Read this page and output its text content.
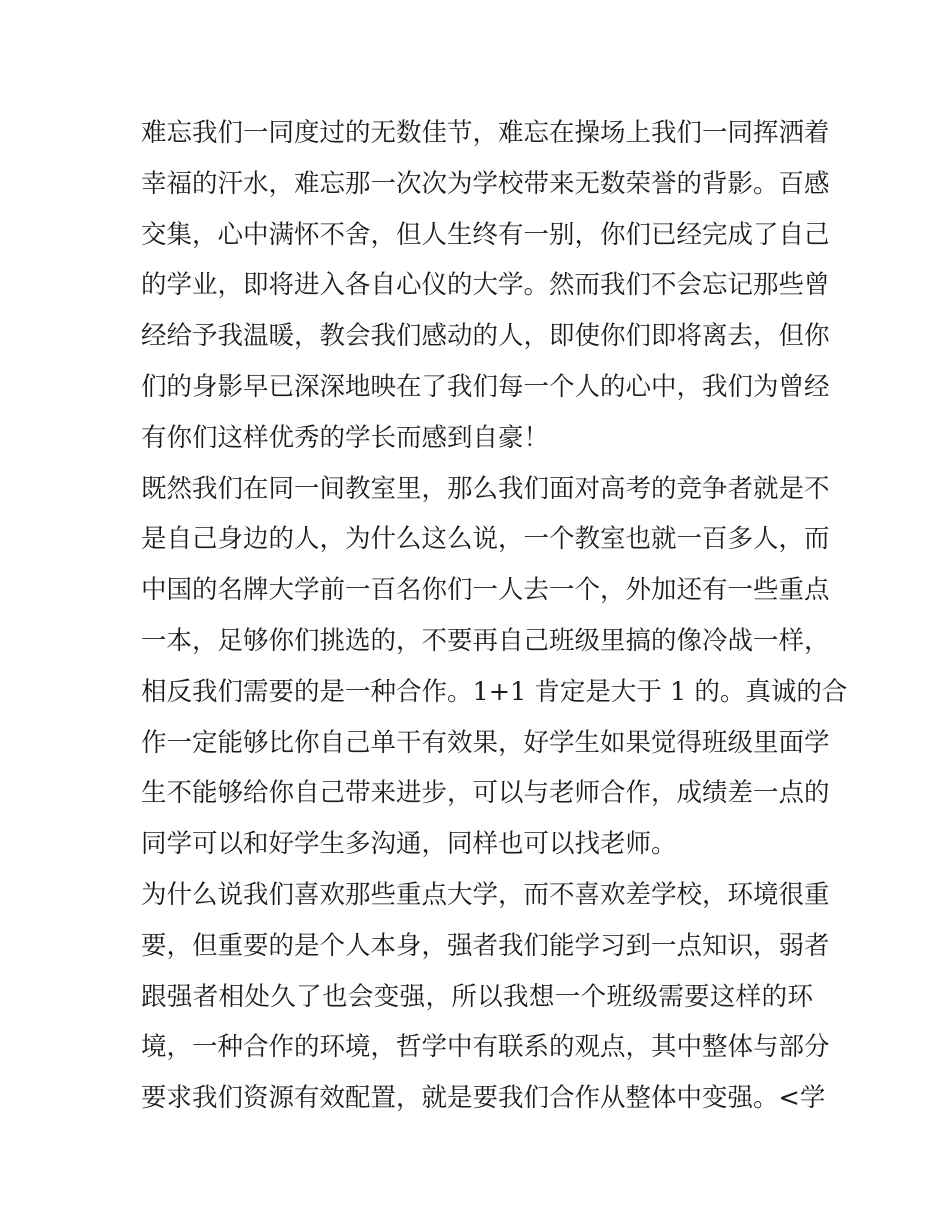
难忘我们一同度过的无数佳节，难忘在操场上我们一同挥洒着
幸福的汗水，难忘那一次次为学校带来无数荣誉的背影。百感
交集，心中满怀不舍，但人生终有一别，你们已经完成了自己
的学业，即将进入各自心仪的大学。然而我们不会忘记那些曾
经给予我温暖，教会我们感动的人，即使你们即将离去，但你
们的身影早已深深地映在了我们每一个人的心中，我们为曾经
有你们这样优秀的学长而感到自豪！
既然我们在同一间教室里，那么我们面对高考的竞争者就是不
是自己身边的人，为什么这么说，一个教室也就一百多人，而
中国的名牌大学前一百名你们一人去一个，外加还有一些重点
一本，足够你们挑选的，不要再自己班级里搞的像冷战一样，
相反我们需要的是一种合作。1+1 肯定是大于 1 的。真诚的合
作一定能够比你自己单干有效果，好学生如果觉得班级里面学
生不能够给你自己带来进步，可以与老师合作，成绩差一点的
同学可以和好学生多沟通，同样也可以找老师。
为什么说我们喜欢那些重点大学，而不喜欢差学校，环境很重
要，但重要的是个人本身，强者我们能学习到一点知识，弱者
跟强者相处久了也会变强，所以我想一个班级需要这样的环
境，一种合作的环境，哲学中有联系的观点，其中整体与部分
要求我们资源有效配置，就是要我们合作从整体中变强。<学
